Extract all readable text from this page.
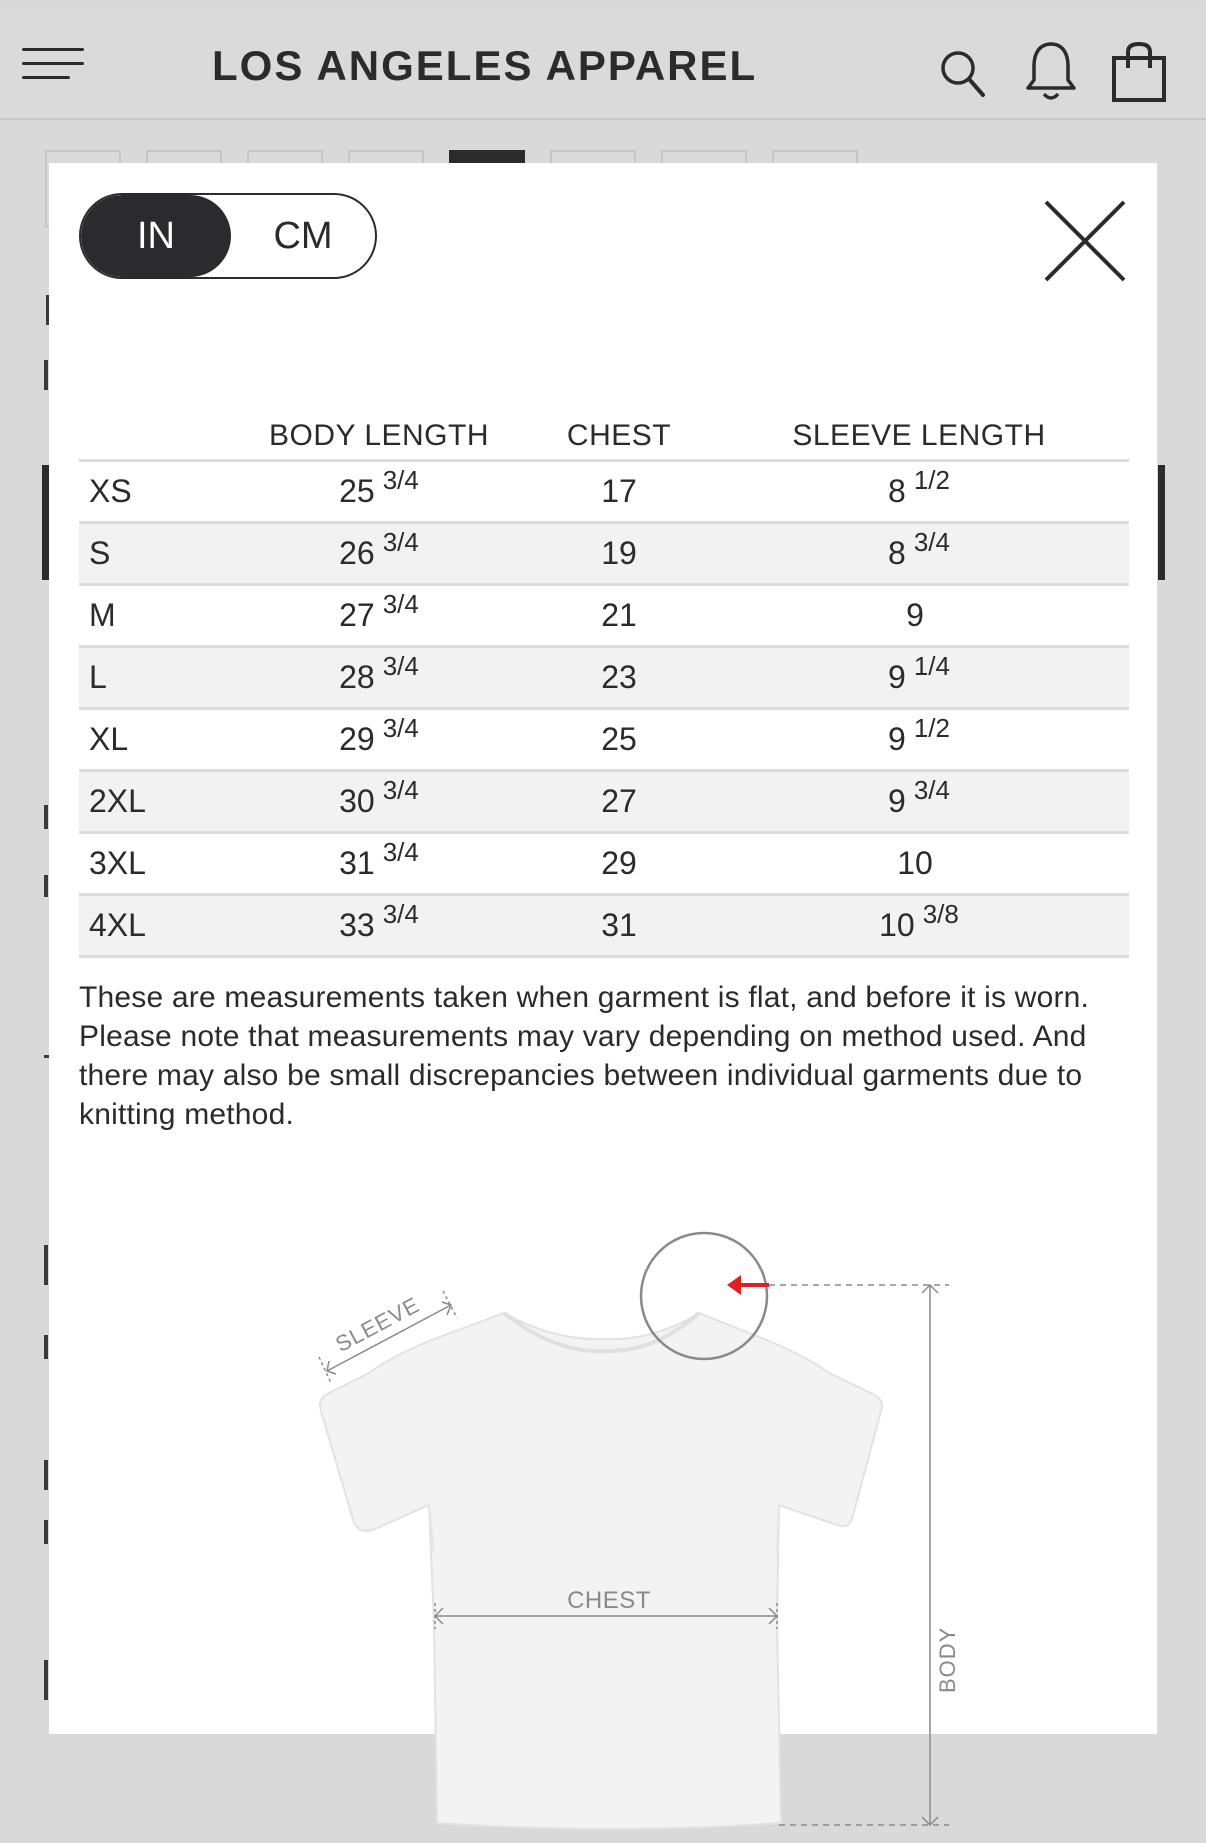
LOS ANGELES APPAREL
IN	CM
	BODY LENGTH	CHEST	SLEEVE LENGTH
XS	25 $^{3/4}$	17	8 $^{1/2}$
S	26 $^{3/4}$	19	8 $^{3/4}$
M	27 $^{3/4}$	21	9
L	28 $^{3/4}$	23	9 $^{1/4}$
XL	29 $^{3/4}$	25	9 $^{1/2}$
2XL	30 $^{3/4}$	27	9 $^{3/4}$
3XL	31 $^{3/4}$	29	10
4XL	33 $^{3/4}$	31	10 $^{3/8}$

These are measurements taken when garment is flat, and before it is worn. Please note that measurements may vary depending on method used. And there may also be small discrepancies between individual garments due to knitting method.

BODY
CHEST
SLEEVE
